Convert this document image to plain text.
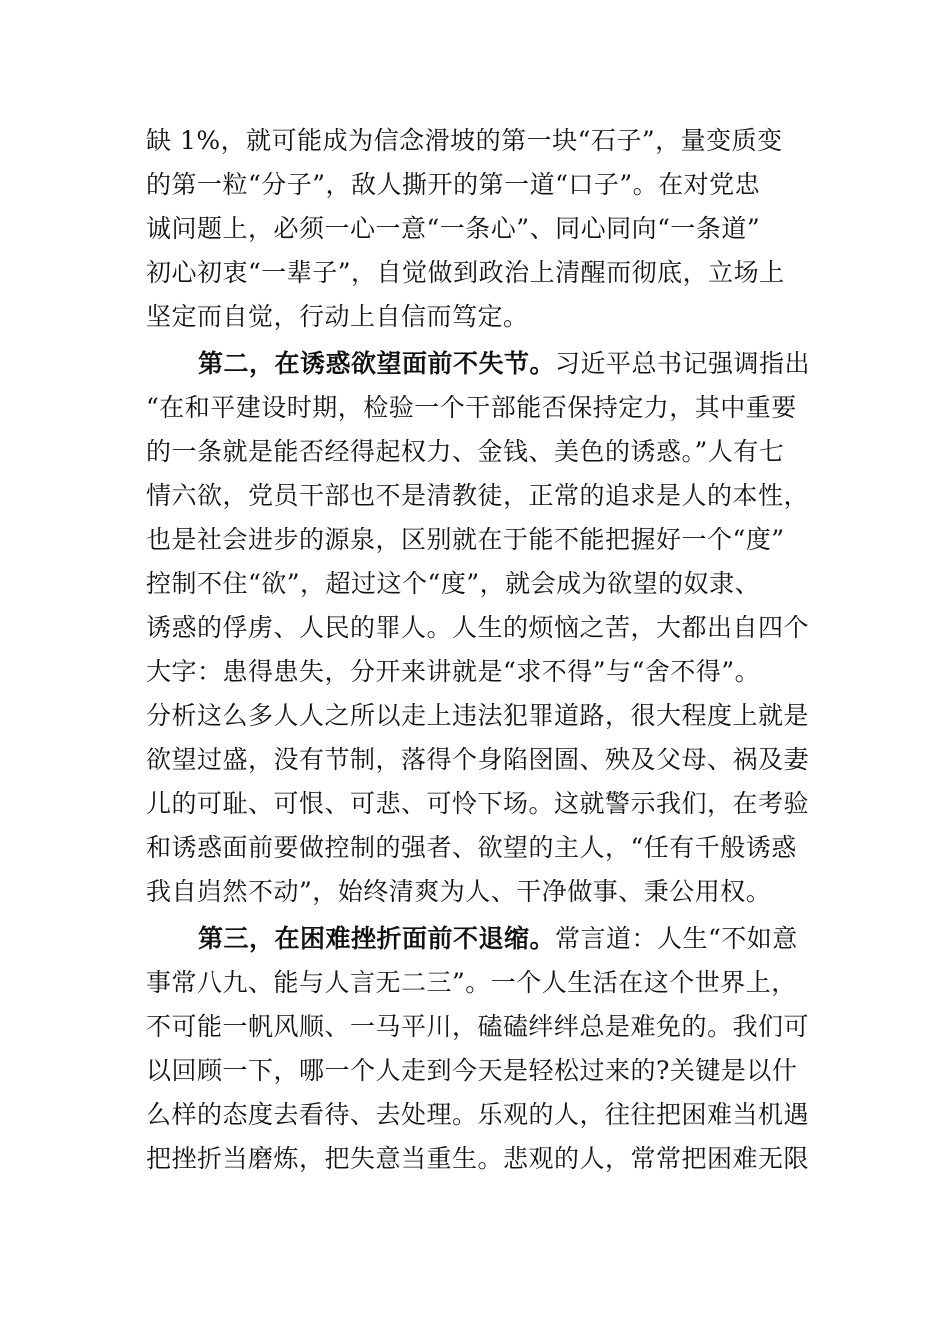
缺 1%，就可能成为信念滑坡的第一块“石子”，量变质变
的第一粒“分子”，敌人撕开的第一道“口子”。在对党忠
诚问题上，必须一心一意“一条心”、同心同向“一条道”
初心初衷“一辈子”，自觉做到政治上清醒而彻底，立场上
坚定而自觉，行动上自信而笃定。
第二，在诱惑欲望面前不失节。习近平总书记强调指出
“在和平建设时期，检验一个干部能否保持定力，其中重要
的一条就是能否经得起权力、金钱、美色的诱惑。”人有七
情六欲，党员干部也不是清教徒，正常的追求是人的本性，
也是社会进步的源泉，区别就在于能不能把握好一个“度”
控制不住“欲”，超过这个“度”，就会成为欲望的奴隶、
诱惑的俘虏、人民的罪人。人生的烦恼之苦，大都出自四个
大字：患得患失，分开来讲就是“求不得”与“舍不得”。
分析这么多人人之所以走上违法犯罪道路，很大程度上就是
欲望过盛，没有节制，落得个身陷囹圄、殃及父母、祸及妻
儿的可耻、可恨、可悲、可怜下场。这就警示我们，在考验
和诱惑面前要做控制的强者、欲望的主人，“任有千般诱惑
我自岿然不动”，始终清爽为人、干净做事、秉公用权。
第三，在困难挫折面前不退缩。常言道：人生“不如意
事常八九、能与人言无二三”。一个人生活在这个世界上，
不可能一帆风顺、一马平川，磕磕绊绊总是难免的。我们可
以回顾一下，哪一个人走到今天是轻松过来的?关键是以什
么样的态度去看待、去处理。乐观的人，往往把困难当机遇
把挫折当磨炼，把失意当重生。悲观的人，常常把困难无限
